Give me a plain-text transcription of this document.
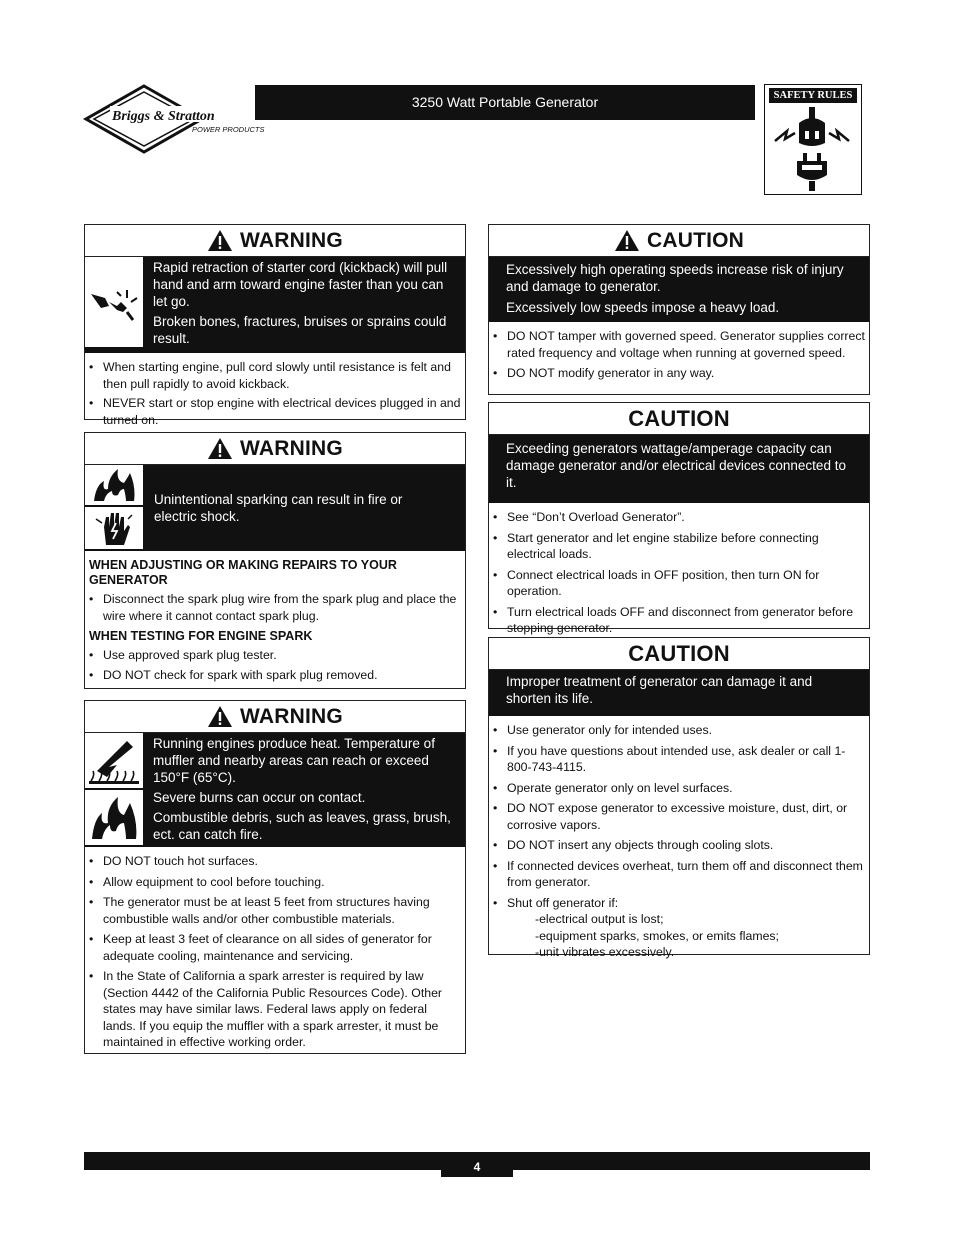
Briggs & Stratton
POWER PRODUCTS
3250 Watt Portable Generator	SAFETY RULES
WARNING

Rapid retraction of starter cord (kickback) will pull hand and arm toward engine faster than you can let go.

Broken bones, fractures, bruises or sprains could result.

• When starting engine, pull cord slowly until resistance is felt and then pull rapidly to avoid kickback.
• NEVER start or stop engine with electrical devices plugged in and turned on.
WARNING

Unintentional sparking can result in fire or electric shock.

WHEN ADJUSTING OR MAKING REPAIRS TO YOUR GENERATOR
• Disconnect the spark plug wire from the spark plug and place the wire where it cannot contact spark plug.
WHEN TESTING FOR ENGINE SPARK
• Use approved spark plug tester.
• DO NOT check for spark with spark plug removed.
WARNING

Running engines produce heat. Temperature of muffler and nearby areas can reach or exceed 150°F (65°C).

Severe burns can occur on contact.

Combustible debris, such as leaves, grass, brush, ect. can catch fire.

• DO NOT touch hot surfaces.
• Allow equipment to cool before touching.
• The generator must be at least 5 feet from structures having combustible walls and/or other combustible materials.
• Keep at least 3 feet of clearance on all sides of generator for adequate cooling, maintenance and servicing.
• In the State of California a spark arrester is required by law (Section 4442 of the California Public Resources Code). Other states may have similar laws. Federal laws apply on federal lands. If you equip the muffler with a spark arrester, it must be maintained in effective working order.
CAUTION

Excessively high operating speeds increase risk of injury and damage to generator.

Excessively low speeds impose a heavy load.

• DO NOT tamper with governed speed. Generator supplies correct rated frequency and voltage when running at governed speed.
• DO NOT modify generator in any way.
CAUTION

Exceeding generators wattage/amperage capacity can damage generator and/or electrical devices connected to it.

• See “Don’t Overload Generator”.
• Start generator and let engine stabilize before connecting electrical loads.
• Connect electrical loads in OFF position, then turn ON for operation.
• Turn electrical loads OFF and disconnect from generator before stopping generator.
CAUTION

Improper treatment of generator can damage it and shorten its life.

• Use generator only for intended uses.
• If you have questions about intended use, ask dealer or call 1-800-743-4115.
• Operate generator only on level surfaces.
• DO NOT expose generator to excessive moisture, dust, dirt, or corrosive vapors.
• DO NOT insert any objects through cooling slots.
• If connected devices overheat, turn them off and disconnect them from generator.
• Shut off generator if:
-electrical output is lost;
-equipment sparks, smokes, or emits flames;
-unit vibrates excessively.
4
